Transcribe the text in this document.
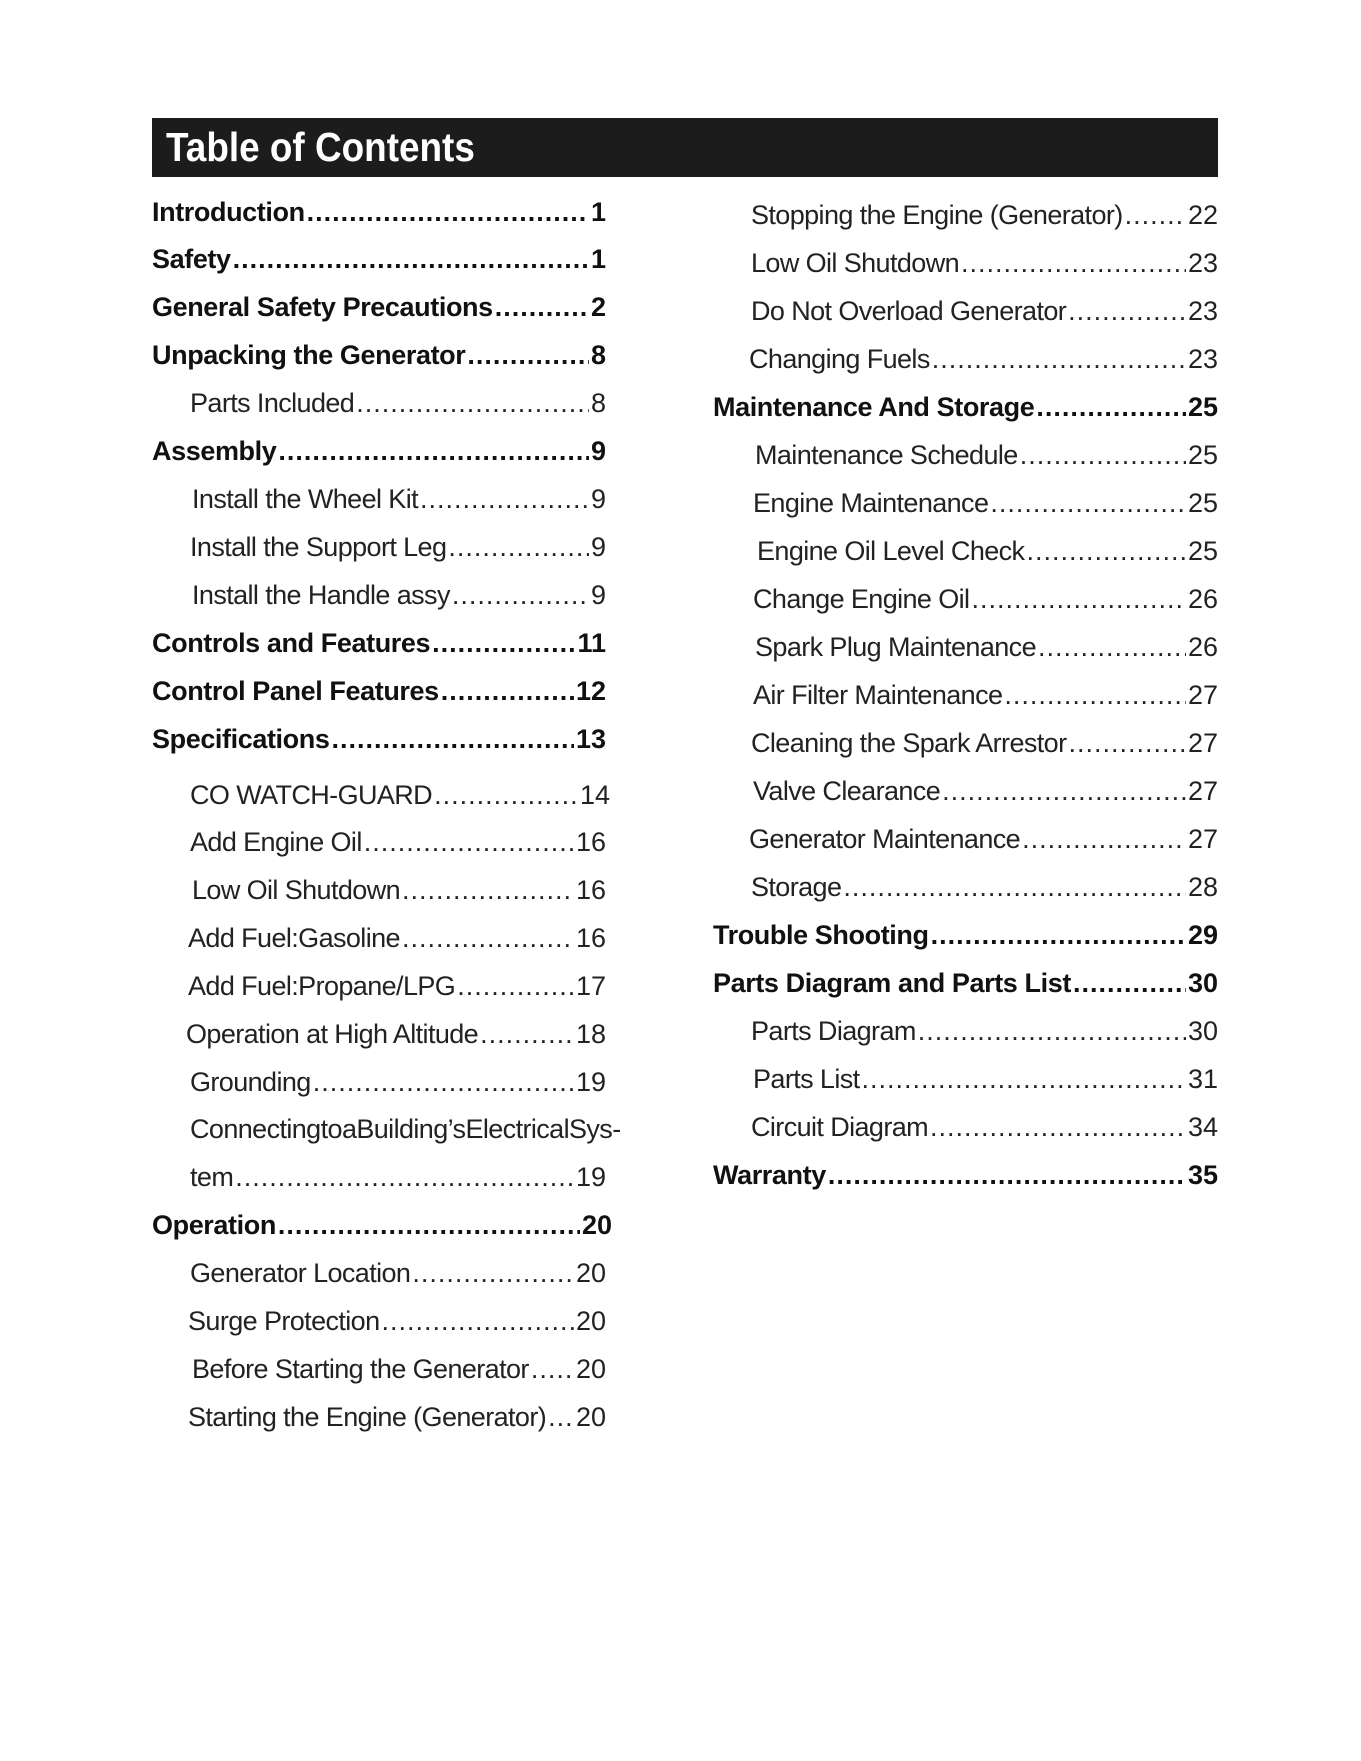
Table of Contents
Introduction .....	1
Safety .....	1
General Safety Precautions .....	2
Unpacking the Generator .....	8
Parts Included .....	8
Assembly .....	9
Install the Wheel Kit .....	9
Install the Support Leg .....	9
Install the Handle assy .....	9
Controls and Features .....	11
Control Panel Features .....	12
Specifications .....	13
CO WATCH-GUARD .....	14
Add Engine Oil .....	16
Low Oil Shutdown .....	16
Add Fuel:Gasoline .....	16
Add Fuel:Propane/LPG .....	17
Operation at High Altitude .....	18
Grounding .....	19
Connecting to a Building’s Electrical Sys-
tem .....	19
Operation .....	20
Generator Location .....	20
Surge Protection .....	20
Before Starting the Generator ..... 20
Starting the Engine (Generator) ..... 20
Stopping the Engine (Generator) ..... 22
Low Oil Shutdown .....	23
Do Not Overload Generator .....	23
Changing Fuels .....	23
Maintenance And Storage .....	25
Maintenance Schedule .....	25
Engine Maintenance .....	25
Engine Oil Level Check .....	25
Change Engine Oil .....	26
Spark Plug Maintenance .....	26
Air Filter Maintenance .....	27
Cleaning the Spark Arrestor .....	27
Valve Clearance .....	27
Generator Maintenance .....	27
Storage .....	28
Trouble Shooting .....	29
Parts Diagram and Parts List .....	30
Parts Diagram .....	30
Parts List .....	31
Circuit Diagram .....	34
Warranty .....	35
